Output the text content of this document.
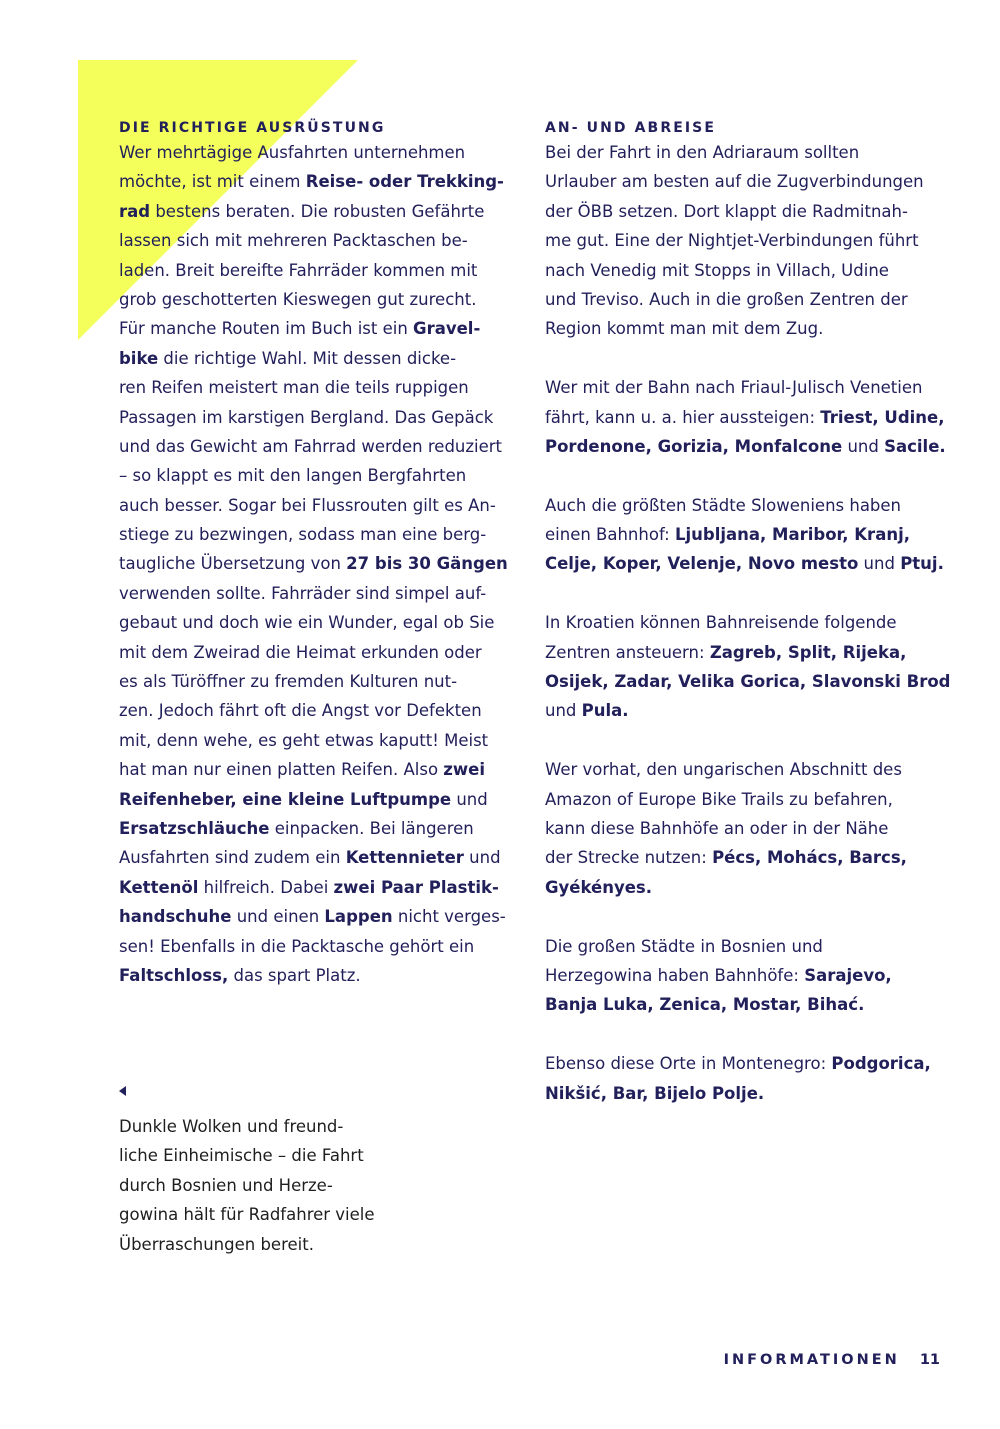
DIE RICHTIGE AUSRÜSTUNG
Wer mehrtägige Ausfahrten unternehmen
möchte, ist mit einem Reise- oder Trekking-
rad bestens beraten. Die robusten Gefährte
lassen sich mit mehreren Packtaschen be-
laden. Breit bereifte Fahrräder kommen mit
grob geschotterten Kieswegen gut zurecht.
Für manche Routen im Buch ist ein Gravel-
bike die richtige Wahl. Mit dessen dicke-
ren Reifen meistert man die teils ruppigen
Passagen im karstigen Bergland. Das Gepäck
und das Gewicht am Fahrrad werden reduziert
– so klappt es mit den langen Bergfahrten
auch besser. Sogar bei Flussrouten gilt es An-
stiege zu bezwingen, sodass man eine berg-
taugliche Übersetzung von 27 bis 30 Gängen
verwenden sollte. Fahrräder sind simpel auf-
gebaut und doch wie ein Wunder, egal ob Sie
mit dem Zweirad die Heimat erkunden oder
es als Türöffner zu fremden Kulturen nut-
zen. Jedoch fährt oft die Angst vor Defekten
mit, denn wehe, es geht etwas kaputt! Meist
hat man nur einen platten Reifen. Also zwei
Reifenheber, eine kleine Luftpumpe und
Ersatzschläuche einpacken. Bei längeren
Ausfahrten sind zudem ein Kettennieter und
Kettenöl hilfreich. Dabei zwei Paar Plastik-
handschuhe und einen Lappen nicht verges-
sen! Ebenfalls in die Packtasche gehört ein
Faltschloss, das spart Platz.
AN- UND ABREISE
Bei der Fahrt in den Adriaraum sollten
Urlauber am besten auf die Zugverbindungen
der ÖBB setzen. Dort klappt die Radmitnah-
me gut. Eine der Nightjet-Verbindungen führt
nach Venedig mit Stopps in Villach, Udine
und Treviso. Auch in die großen Zentren der
Region kommt man mit dem Zug.
Wer mit der Bahn nach Friaul-Julisch Venetien
fährt, kann u. a. hier aussteigen: Triest, Udine,
Pordenone, Gorizia, Monfalcone und Sacile.
Auch die größten Städte Sloweniens haben
einen Bahnhof: Ljubljana, Maribor, Kranj,
Celje, Koper, Velenje, Novo mesto und Ptuj.
In Kroatien können Bahnreisende folgende
Zentren ansteuern: Zagreb, Split, Rijeka,
Osijek, Zadar, Velika Gorica, Slavonski Brod
und Pula.
Wer vorhat, den ungarischen Abschnitt des
Amazon of Europe Bike Trails zu befahren,
kann diese Bahnhöfe an oder in der Nähe
der Strecke nutzen: Pécs, Mohács, Barcs,
Gyékényes.
Die großen Städte in Bosnien und
Herzegowina haben Bahnhöfe: Sarajevo,
Banja Luka, Zenica, Mostar, Bihać.
Ebenso diese Orte in Montenegro: Podgorica,
Nikšić, Bar, Bijelo Polje.
Dunkle Wolken und freund-
liche Einheimische – die Fahrt
durch Bosnien und Herze-
gowina hält für Radfahrer viele
Überraschungen bereit.
INFORMATIONEN 11
